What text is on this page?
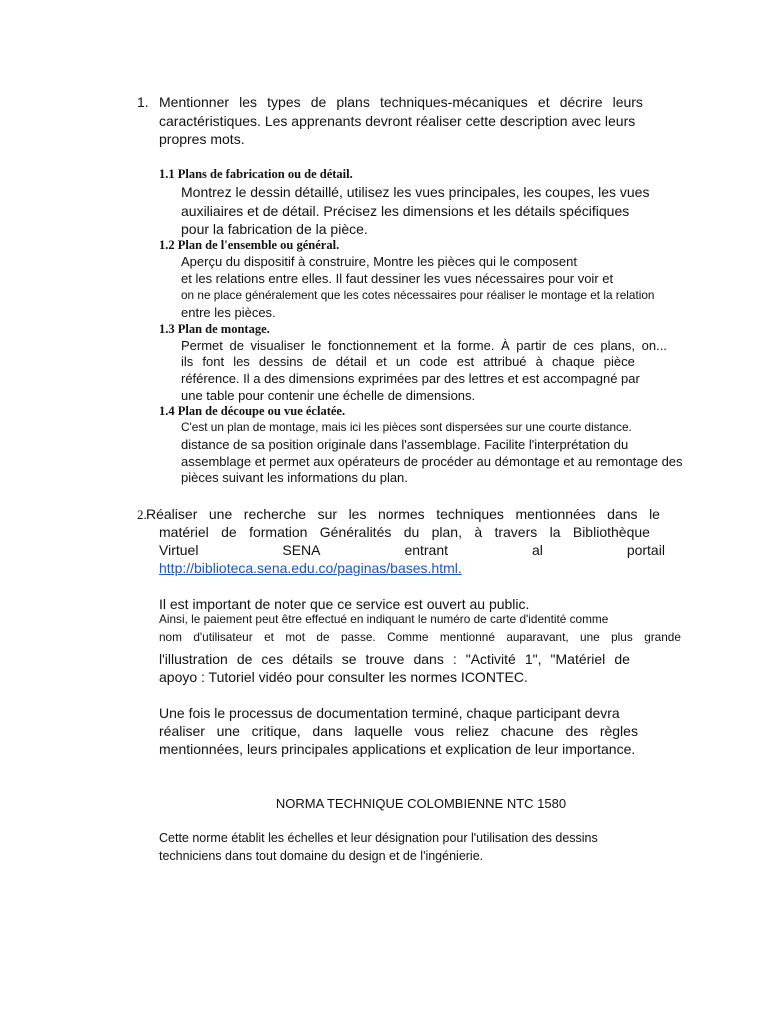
1. Mentionner les types de plans techniques-mécaniques et décrire leurs
caractéristiques. Les apprenants devront réaliser cette description avec leurs
propres mots.
1.1 Plans de fabrication ou de détail.
Montrez le dessin détaillé, utilisez les vues principales, les coupes, les vues
auxiliaires et de détail. Précisez les dimensions et les détails spécifiques
pour la fabrication de la pièce.
1.2 Plan de l'ensemble ou général.
Aperçu du dispositif à construire, Montre les pièces qui le composent
et les relations entre elles. Il faut dessiner les vues nécessaires pour voir et
on ne place généralement que les cotes nécessaires pour réaliser le montage et la relation
entre les pièces.
1.3 Plan de montage.
Permet de visualiser le fonctionnement et la forme. À partir de ces plans, on...
ils font les dessins de détail et un code est attribué à chaque pièce
référence. Il a des dimensions exprimées par des lettres et est accompagné par
une table pour contenir une échelle de dimensions.
1.4 Plan de découpe ou vue éclatée.
C'est un plan de montage, mais ici les pièces sont dispersées sur une courte distance.
distance de sa position originale dans l'assemblage. Facilite l'interprétation du
assemblage et permet aux opérateurs de procéder au démontage et au remontage des
pièces suivant les informations du plan.
2. Réaliser une recherche sur les normes techniques mentionnées dans le
matériel de formation Généralités du plan, à travers la Bibliothèque
Virtuel	SENA	entrant	al	portail
http://biblioteca.sena.edu.co/paginas/bases.html.
Il est important de noter que ce service est ouvert au public.
Ainsi, le paiement peut être effectué en indiquant le numéro de carte d'identité comme
nom d'utilisateur et mot de passe. Comme mentionné auparavant, une plus grande
l'illustration de ces détails se trouve dans : "Activité 1", "Matériel de
apoyo : Tutoriel vidéo pour consulter les normes ICONTEC.
Une fois le processus de documentation terminé, chaque participant devra
réaliser une critique, dans laquelle vous reliez chacune des règles
mentionnées, leurs principales applications et explication de leur importance.
NORMA TECHNIQUE COLOMBIENNE NTC 1580
Cette norme établit les échelles et leur désignation pour l'utilisation des dessins
techniciens dans tout domaine du design et de l'ingénierie.
